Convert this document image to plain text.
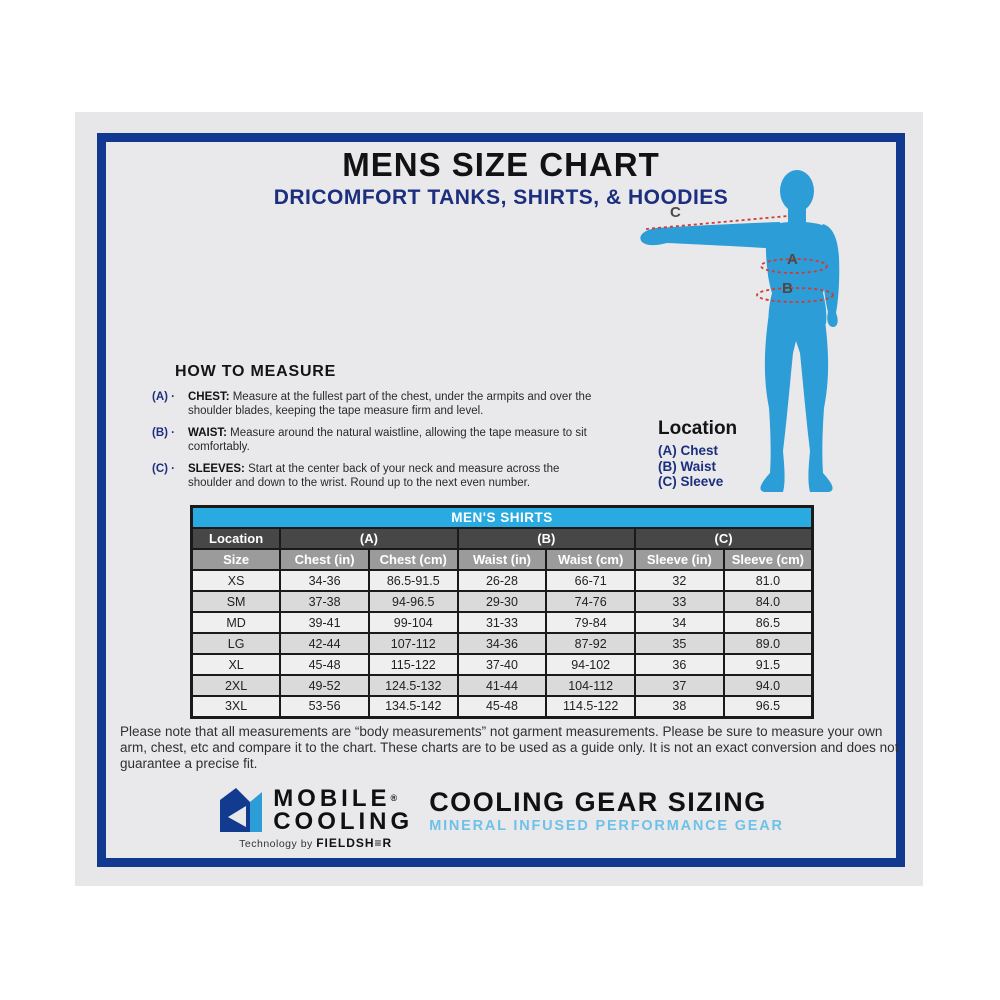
MENS SIZE CHART
DRICOMFORT TANKS, SHIRTS, & HOODIES
C
A
B
Location
(A) Chest
(B) Waist
(C) Sleeve
HOW TO MEASURE
(A) ·	CHEST: Measure at the fullest part of the chest, under the armpits and over the shoulder blades, keeping the tape measure firm and level.
(B) ·	WAIST: Measure around the natural waistline, allowing the tape measure to sit comfortably.
(C) ·	SLEEVES: Start at the center back of your neck and measure across the shoulder and down to the wrist. Round up to the next even number.
MEN'S SHIRTS						
Location	(A)		(B)		(C)	
Size	Chest (in)	Chest (cm)	Waist (in)	Waist (cm)	Sleeve (in)	Sleeve (cm)
XS	34-36	86.5-91.5	26-28	66-71	32	81.0
SM	37-38	94-96.5	29-30	74-76	33	84.0
MD	39-41	99-104	31-33	79-84	34	86.5
LG	42-44	107-112	34-36	87-92	35	89.0
XL	45-48	115-122	37-40	94-102	36	91.5
2XL	49-52	124.5-132	41-44	104-112	37	94.0
3XL	53-56	134.5-142	45-48	114.5-122	38	96.5
Please note that all measurements are “body measurements” not garment measurements. Please be sure to measure your own arm, chest, etc and compare it to the chart. These charts are to be used as a guide only. It is not an exact conversion and does not guarantee a precise fit.
MOBILE®
COOLING
Technology by FIELDSH≡R
COOLING GEAR SIZING
MINERAL INFUSED PERFORMANCE GEAR
